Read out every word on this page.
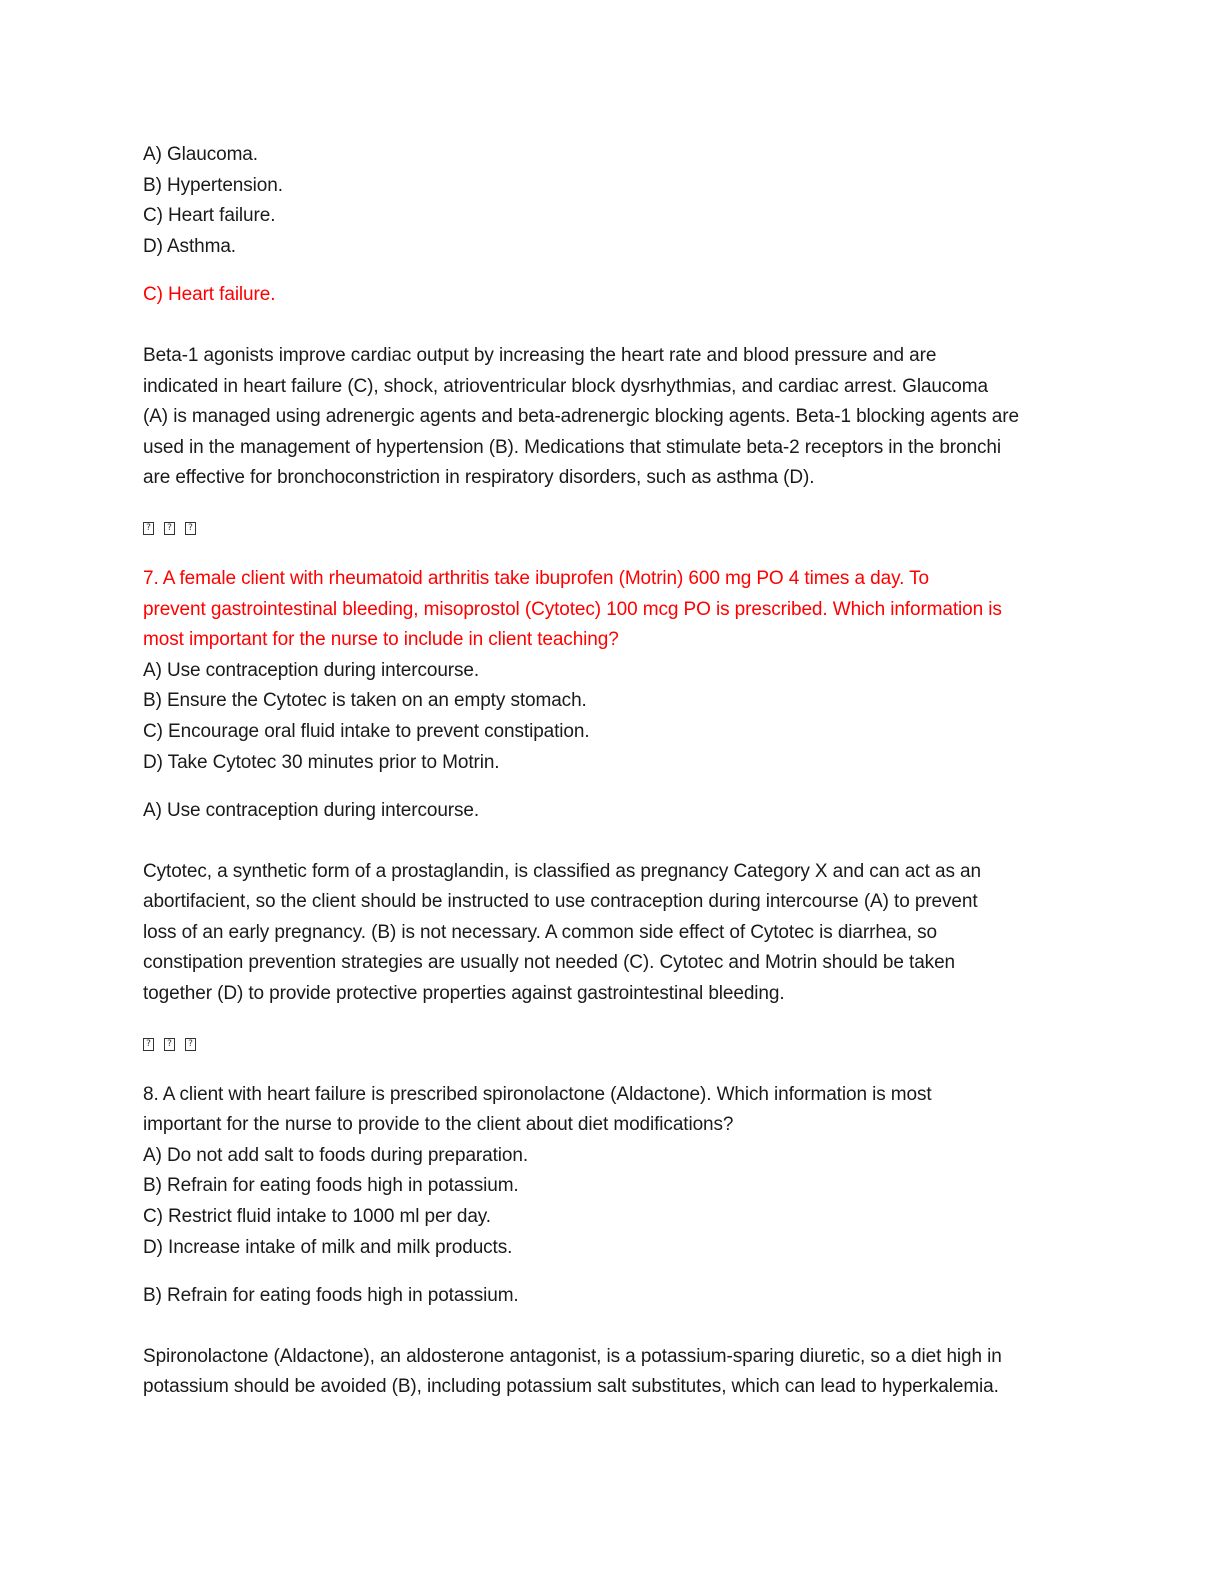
A) Glaucoma.
B) Hypertension.
C) Heart failure.
D) Asthma.
C) Heart failure.
Beta-1 agonists improve cardiac output by increasing the heart rate and blood pressure and are
indicated in heart failure (C), shock, atrioventricular block dysrhythmias, and cardiac arrest. Glaucoma
(A) is managed using adrenergic agents and beta-adrenergic blocking agents. Beta-1 blocking agents are
used in the management of hypertension (B). Medications that stimulate beta-2 receptors in the bronchi
are effective for bronchoconstriction in respiratory disorders, such as asthma (D).
?	?	?
7. A female client with rheumatoid arthritis take ibuprofen (Motrin) 600 mg PO 4 times a day. To
prevent gastrointestinal bleeding, misoprostol (Cytotec) 100 mcg PO is prescribed. Which information is
most important for the nurse to include in client teaching?
A) Use contraception during intercourse.
B) Ensure the Cytotec is taken on an empty stomach.
C) Encourage oral fluid intake to prevent constipation.
D) Take Cytotec 30 minutes prior to Motrin.
A) Use contraception during intercourse.
Cytotec, a synthetic form of a prostaglandin, is classified as pregnancy Category X and can act as an
abortifacient, so the client should be instructed to use contraception during intercourse (A) to prevent
loss of an early pregnancy. (B) is not necessary. A common side effect of Cytotec is diarrhea, so
constipation prevention strategies are usually not needed (C). Cytotec and Motrin should be taken
together (D) to provide protective properties against gastrointestinal bleeding.
?	?	?
8. A client with heart failure is prescribed spironolactone (Aldactone). Which information is most
important for the nurse to provide to the client about diet modifications?
A) Do not add salt to foods during preparation.
B) Refrain for eating foods high in potassium.
C) Restrict fluid intake to 1000 ml per day.
D) Increase intake of milk and milk products.
B) Refrain for eating foods high in potassium.
Spironolactone (Aldactone), an aldosterone antagonist, is a potassium-sparing diuretic, so a diet high in
potassium should be avoided (B), including potassium salt substitutes, which can lead to hyperkalemia.
